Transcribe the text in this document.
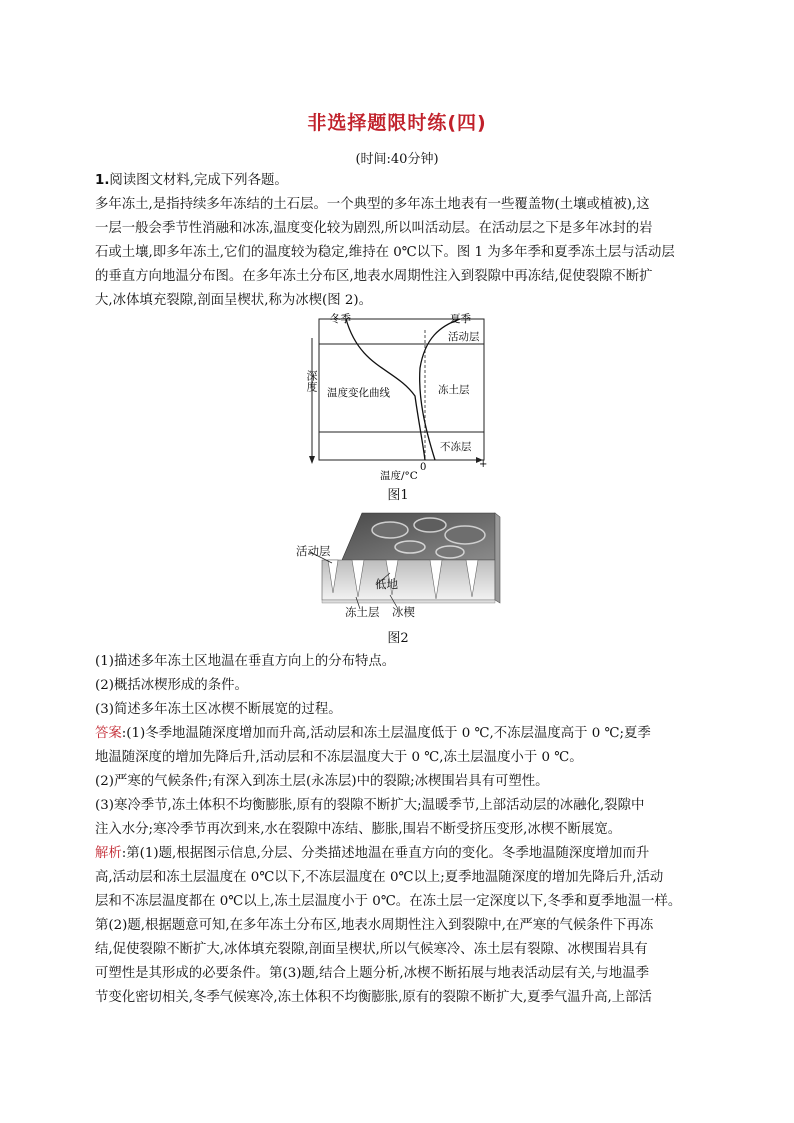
非选择题限时练(四)
(时间:40分钟)
1.阅读图文材料,完成下列各题。
多年冻土,是指持续多年冻结的土石层。一个典型的多年冻土地表有一些覆盖物(土壤或植被),这
一层一般会季节性消融和冰冻,温度变化较为剧烈,所以叫活动层。在活动层之下是多年冰封的岩
石或土壤,即多年冻土,它们的温度较为稳定,维持在 0℃以下。图 1 为多年季和夏季冻土层与活动层
的垂直方向地温分布图。在多年冻土分布区,地表水周期性注入到裂隙中再冻结,促使裂隙不断扩
大,冰体填充裂隙,剖面呈楔状,称为冰楔(图 2)。
冬季	夏季
活动层
温度变化曲线	冻土层
不冻层
0	+
温度/°C
深度
图1
活动层
低地
冻土层 冰楔
图2
(1)描述多年冻土区地温在垂直方向上的分布特点。
(2)概括冰楔形成的条件。
(3)简述多年冻土区冰楔不断展宽的过程。
答案:(1)冬季地温随深度增加而升高,活动层和冻土层温度低于 0 ℃,不冻层温度高于 0 ℃;夏季
地温随深度的增加先降后升,活动层和不冻层温度大于 0 ℃,冻土层温度小于 0 ℃。
(2)严寒的气候条件;有深入到冻土层(永冻层)中的裂隙;冰楔围岩具有可塑性。
(3)寒冷季节,冻土体积不均衡膨胀,原有的裂隙不断扩大;温暖季节,上部活动层的冰融化,裂隙中
注入水分;寒冷季节再次到来,水在裂隙中冻结、膨胀,围岩不断受挤压变形,冰楔不断展宽。
解析:第(1)题,根据图示信息,分层、分类描述地温在垂直方向的变化。冬季地温随深度增加而升
高,活动层和冻土层温度在 0℃以下,不冻层温度在 0℃以上;夏季地温随深度的增加先降后升,活动
层和不冻层温度都在 0℃以上,冻土层温度小于 0℃。在冻土层一定深度以下,冬季和夏季地温一样。
第(2)题,根据题意可知,在多年冻土分布区,地表水周期性注入到裂隙中,在严寒的气候条件下再冻
结,促使裂隙不断扩大,冰体填充裂隙,剖面呈楔状,所以气候寒冷、冻土层有裂隙、冰楔围岩具有
可塑性是其形成的必要条件。第(3)题,结合上题分析,冰楔不断拓展与地表活动层有关,与地温季
节变化密切相关,冬季气候寒冷,冻土体积不均衡膨胀,原有的裂隙不断扩大,夏季气温升高,上部活
